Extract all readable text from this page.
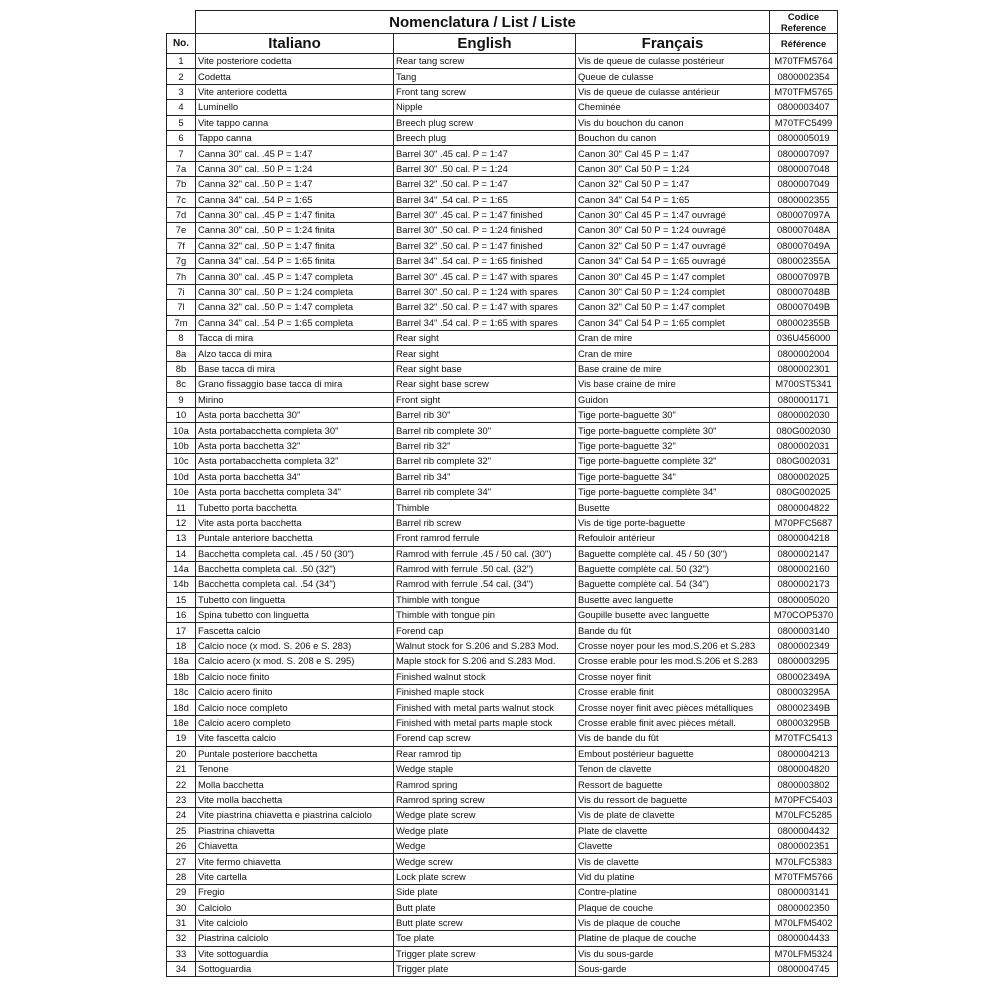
	Nomenclatura / List / Liste			Codice
Reference

No.	Italiano	English	Français	Référence
1	Vite posteriore codetta	Rear tang screw	Vis de queue de culasse postérieur	M70TFM5764
2	Codetta	Tang	Queue de culasse	0800002354
3	Vite anteriore codetta	Front tang screw	Vis de queue de culasse antérieur	M70TFM5765
4	Luminello	Nipple	Cheminée	0800003407
5	Vite tappo canna	Breech plug screw	Vis du bouchon du canon	M70TFC5499
6	Tappo canna	Breech plug	Bouchon du canon	0800005019
7	Canna 30" cal. .45 P = 1:47	Barrel 30" .45 cal. P = 1:47	Canon 30" Cal 45 P = 1:47	0800007097
7a	Canna 30" cal. .50 P = 1:24	Barrel 30" .50 cal. P = 1:24	Canon 30" Cal 50 P = 1:24	0800007048
7b	Canna 32" cal. .50 P = 1:47	Barrel 32" .50 cal. P = 1:47	Canon 32" Cal 50 P = 1:47	0800007049
7c	Canna 34" cal. .54 P = 1:65	Barrel 34" .54 cal. P = 1:65	Canon 34" Cal 54 P = 1:65	0800002355
7d	Canna 30" cal. .45 P = 1:47 finita	Barrel 30" .45 cal. P = 1:47 finished	Canon 30" Cal 45 P = 1:47 ouvragé	080007097A
7e	Canna 30" cal. .50 P = 1:24 finita	Barrel 30" .50 cal. P = 1:24 finished	Canon 30" Cal 50 P = 1:24 ouvragé	080007048A
7f	Canna 32" cal. .50 P = 1:47 finita	Barrel 32" .50 cal. P = 1:47 finished	Canon 32" Cal 50 P = 1:47 ouvragé	080007049A
7g	Canna 34" cal. .54 P = 1:65 finita	Barrel 34" .54 cal. P = 1:65 finished	Canon 34" Cal 54 P = 1:65 ouvragé	080002355A
7h	Canna 30" cal. .45 P = 1:47 completa	Barrel 30" .45 cal. P = 1:47 with spares	Canon 30" Cal 45 P = 1:47 complet	080007097B
7i	Canna 30" cal. .50 P = 1:24 completa	Barrel 30" .50 cal. P = 1:24 with spares	Canon 30" Cal 50 P = 1:24 complet	080007048B
7l	Canna 32" cal. .50 P = 1:47 completa	Barrel 32" .50 cal. P = 1:47 with spares	Canon 32" Cal 50 P = 1:47 complet	080007049B
7m	Canna 34" cal. .54 P = 1:65 completa	Barrel 34" .54 cal. P = 1:65 with spares	Canon 34" Cal 54 P = 1:65 complet	080002355B
8	Tacca di mira	Rear sight	Cran de mire	036U456000
8a	Alzo tacca di mira	Rear sight	Cran de mire	0800002004
8b	Base tacca di mira	Rear sight base	Base craine de mire	0800002301
8c	Grano fissaggio base tacca di mira	Rear sight base screw	Vis base craine de mire	M700ST5341
9	Mirino	Front sight	Guidon	0800001171
10	Asta porta bacchetta 30"	Barrel rib 30"	Tige porte-baguette 30"	0800002030
10a	Asta portabacchetta completa 30"	Barrel rib complete 30"	Tige porte-baguette complète 30"	080G002030
10b	Asta porta bacchetta 32"	Barrel rib 32"	Tige porte-baguette 32"	0800002031
10c	Asta portabacchetta completa 32"	Barrel rib complete 32"	Tige porte-baguette complète 32"	080G002031
10d	Asta porta bacchetta 34"	Barrel rib 34"	Tige porte-baguette 34"	0800002025
10e	Asta porta bacchetta completa 34"	Barrel rib complete 34"	Tige porte-baguette complète 34"	080G002025
11	Tubetto porta bacchetta	Thimble	Busette	0800004822
12	Vite asta porta bacchetta	Barrel rib screw	Vis de tige porte-baguette	M70PFC5687
13	Puntale anteriore bacchetta	Front ramrod ferrule	Refoulоir antérieur	0800004218
14	Bacchetta completa cal. .45 / 50 (30")	Ramrod with ferrule .45 / 50 cal. (30")	Baguette complète cal. 45 / 50 (30")	0800002147
14a	Bacchetta completa cal. .50 (32")	Ramrod with ferrule .50 cal. (32")	Baguette complète cal. 50 (32")	0800002160
14b	Bacchetta completa cal. .54 (34")	Ramrod with ferrule .54 cal. (34")	Baguette complète cal. 54 (34")	0800002173
15	Tubetto con linguetta	Thimble with tongue	Busette avec languette	0800005020
16	Spina tubetto con linguetta	Thimble with tongue pin	Goupille busette avec languette	M70COP5370
17	Fascetta calcio	Forend cap	Bande du fût	0800003140
18	Calcio noce (x mod. S. 206 e S. 283)	Walnut stock for S.206 and S.283 Mod.	Crosse noyer pour les mod.S.206 et S.283	0800002349
18a	Calcio acero (x mod. S. 208 e S. 295)	Maple stock for S.206 and S.283 Mod.	Crosse erable pour les mod.S.206 et S.283	0800003295
18b	Calcio noce finito	Finished walnut stock	Crosse noyer finit	080002349A
18c	Calcio acero finito	Finished maple stock	Crosse erable finit	080003295A
18d	Calcio noce completo	Finished with metal parts walnut stock	Crosse noyer finit avec pièces métalliques	080002349B
18e	Calcio acero completo	Finished with metal parts maple stock	Crosse erable finit avec pièces métall.	080003295B
19	Vite fascetta calcio	Forend cap screw	Vis de bande du fût	M70TFC5413
20	Puntale posteriore bacchetta	Rear ramrod tip	Embout postérieur baguette	0800004213
21	Tenone	Wedge staple	Tenon de clavette	0800004820
22	Molla bacchetta	Ramrod spring	Ressort de baguette	0800003802
23	Vite molla bacchetta	Ramrod spring screw	Vis du ressort de baguette	M70PFC5403
24	Vite piastrina chiavetta e piastrina calciolo	Wedge plate screw	Vis de plate de clavette	M70LFC5285
25	Piastrina chiavetta	Wedge plate	Plate de clavette	0800004432
26	Chiavetta	Wedge	Clavette	0800002351
27	Vite fermo chiavetta	Wedge screw	Vis de clavette	M70LFC5383
28	Vite cartella	Lock plate screw	Vid du platine	M70TFM5766
29	Fregio	Side plate	Contre-platine	0800003141
30	Calciolo	Butt plate	Plaque de couche	0800002350
31	Vite calciolo	Butt plate screw	Vis de plaque de couche	M70LFM5402
32	Piastrina calciolo	Toe plate	Platine de plaque de couche	0800004433
33	Vite sottoguardia	Trigger plate screw	Vis du sous-garde	M70LFM5324
34	Sottoguardia	Trigger plate	Sous-garde	0800004745
